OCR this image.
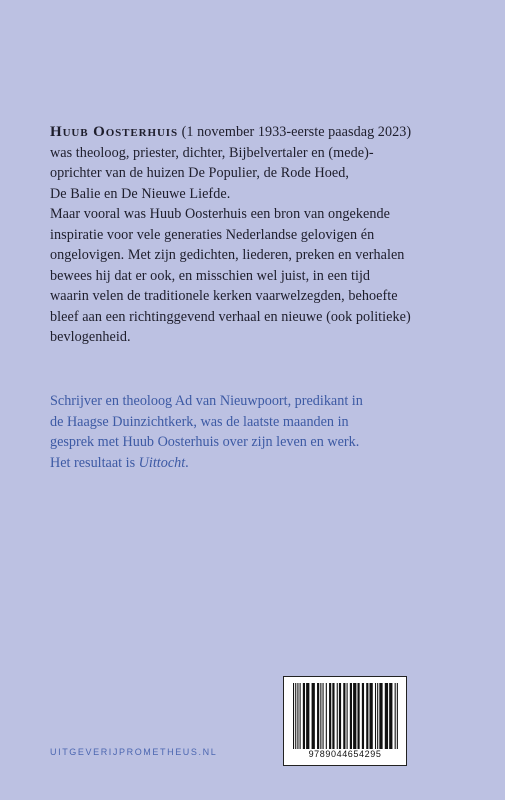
Huub Oosterhuis (1 november 1933-eerste paasdag 2023)
was theoloog, priester, dichter, Bijbelvertaler en (mede)-
oprichter van de huizen De Populier, de Rode Hoed,
De Balie en De Nieuwe Liefde.
Maar vooral was Huub Oosterhuis een bron van ongekende
inspiratie voor vele generaties Nederlandse gelovigen én
ongelovigen. Met zijn gedichten, liederen, preken en verhalen
bewees hij dat er ook, en misschien wel juist, in een tijd
waarin velen de traditionele kerken vaarwelzegden, behoefte
bleef aan een richtinggevend verhaal en nieuwe (ook politieke)
bevlogenheid.

Schrijver en theoloog Ad van Nieuwpoort, predikant in
de Haagse Duinzichtkerk, was de laatste maanden in
gesprek met Huub Oosterhuis over zijn leven en werk.
Het resultaat is Uittocht.
UITGEVERIJPROMETHEUS.NL	9789044654295
